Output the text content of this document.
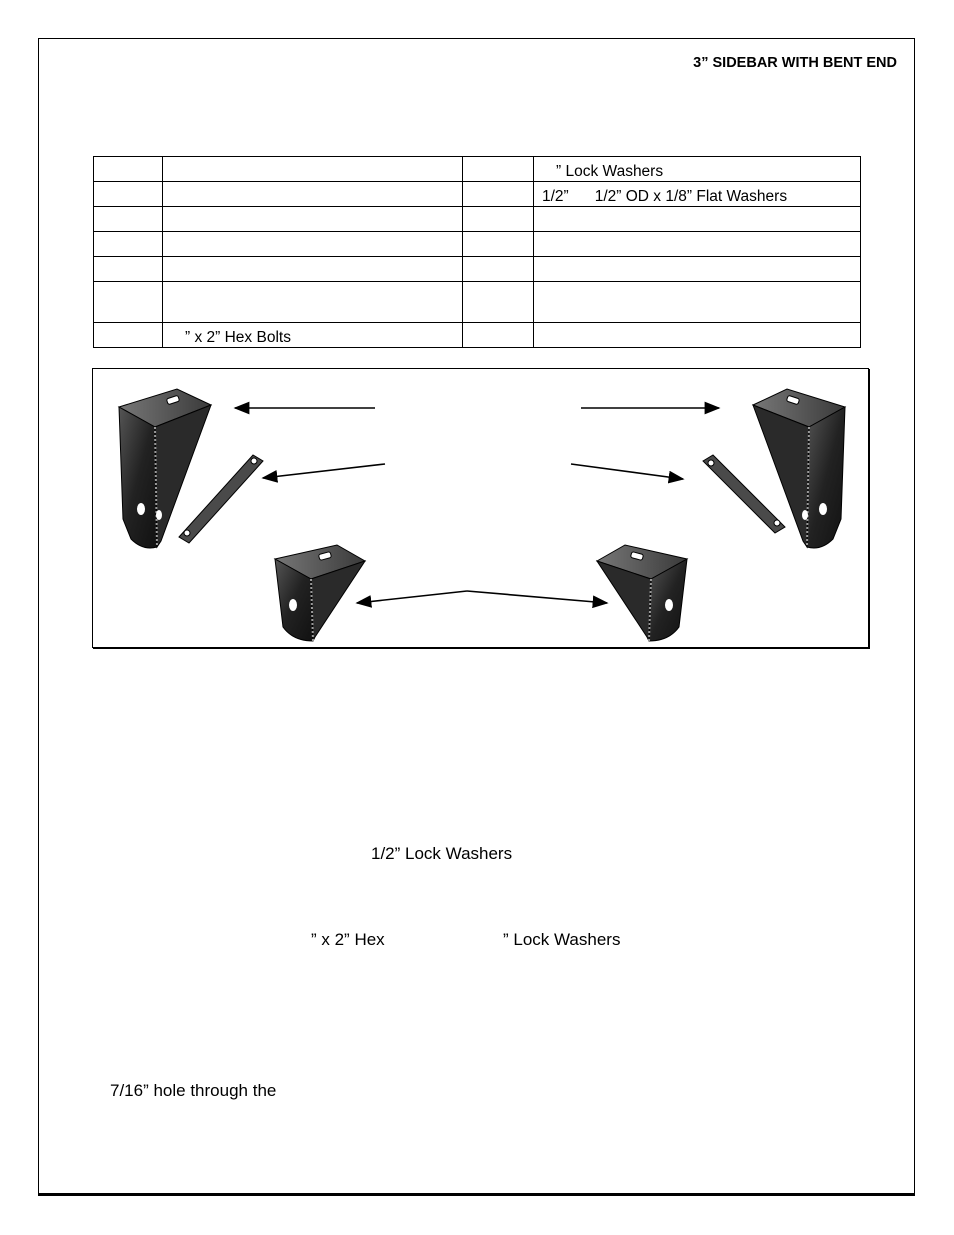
3” SIDEBAR WITH BENT END
			” Lock Washers
			1/2” 1/2” OD x 1/8” Flat Washers

	” x 2” Hex Bolts		
1/2” Lock Washers
” x 2” Hex	” Lock Washers
7/16” hole through the
